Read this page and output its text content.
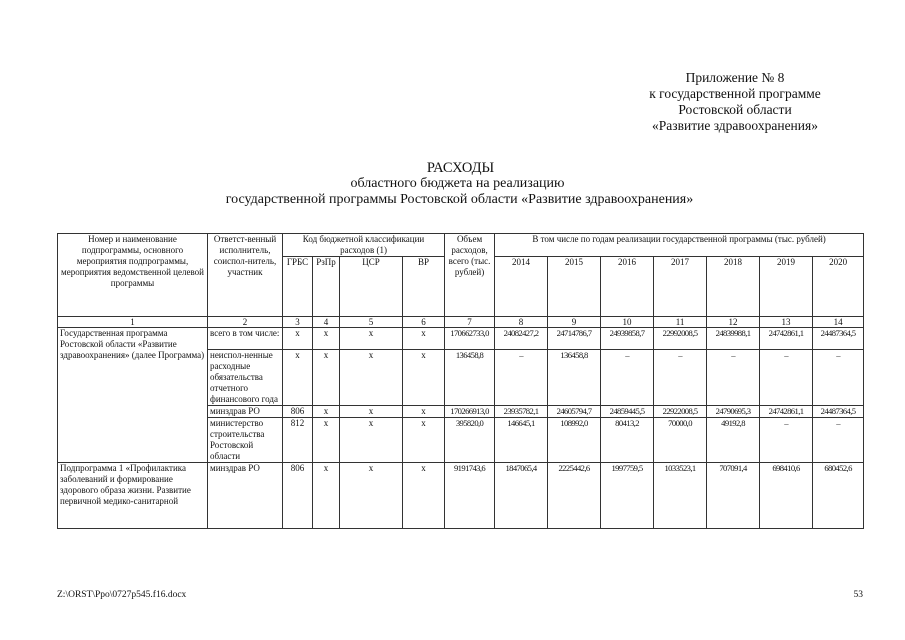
Приложение № 8
к государственной программе
Ростовской области
«Развитие здравоохранения»
РАСХОДЫ
областного бюджета на реализацию
государственной программы Ростовской области «Развитие здравоохранения»
Номер и наименование подпрограммы, основного мероприятия подпрограммы, мероприятия ведомственной целевой программы	Ответст-венный исполнитель, соиспол-нитель, участник	Код бюджетной классификации расходов (1)				Объем расходов, всего (тыс. рублей)	В том числе по годам реализации государственной программы (тыс. рублей)						
		ГРБС	РзПр	ЦСР	ВР		2014	2015	2016	2017	2018	2019	2020
1	2	3	4	5	6	7	8	9	10	11	12	13	14
Государственная программа Ростовской области «Развитие здравоохранения» (далее Программа)	всего в том числе:	x	x	x	x	170662733,0	24082427,2	24714786,7	24939858,7	22992008,5	24839988,1	24742861,1	24487364,5
	неиспол-ненные расходные обязательства отчетного финансового года	x	x	x	x	136458,8	–	136458,8	–	–	–	–	–
	минздрав РО	806	x	x	x	170266913,0	23935782,1	24605794,7	24859445,5	22922008,5	24790695,3	24742861,1	24487364,5
	министерство строительства Ростовской области	812	x	x	x	395820,0	146645,1	108992,0	80413,2	70000,0	49192,8	–	–
Подпрограмма 1 «Профилактика заболеваний и формирование здорового образа жизни. Развитие первичной медико-санитарной	минздрав РО	806	x	x	x	9191743,6	1847065,4	2225442,6	1997759,5	1033523,1	707091,4	698410,6	680452,6
Z:\ORST\Ppo\0727p545.f16.docx	53
